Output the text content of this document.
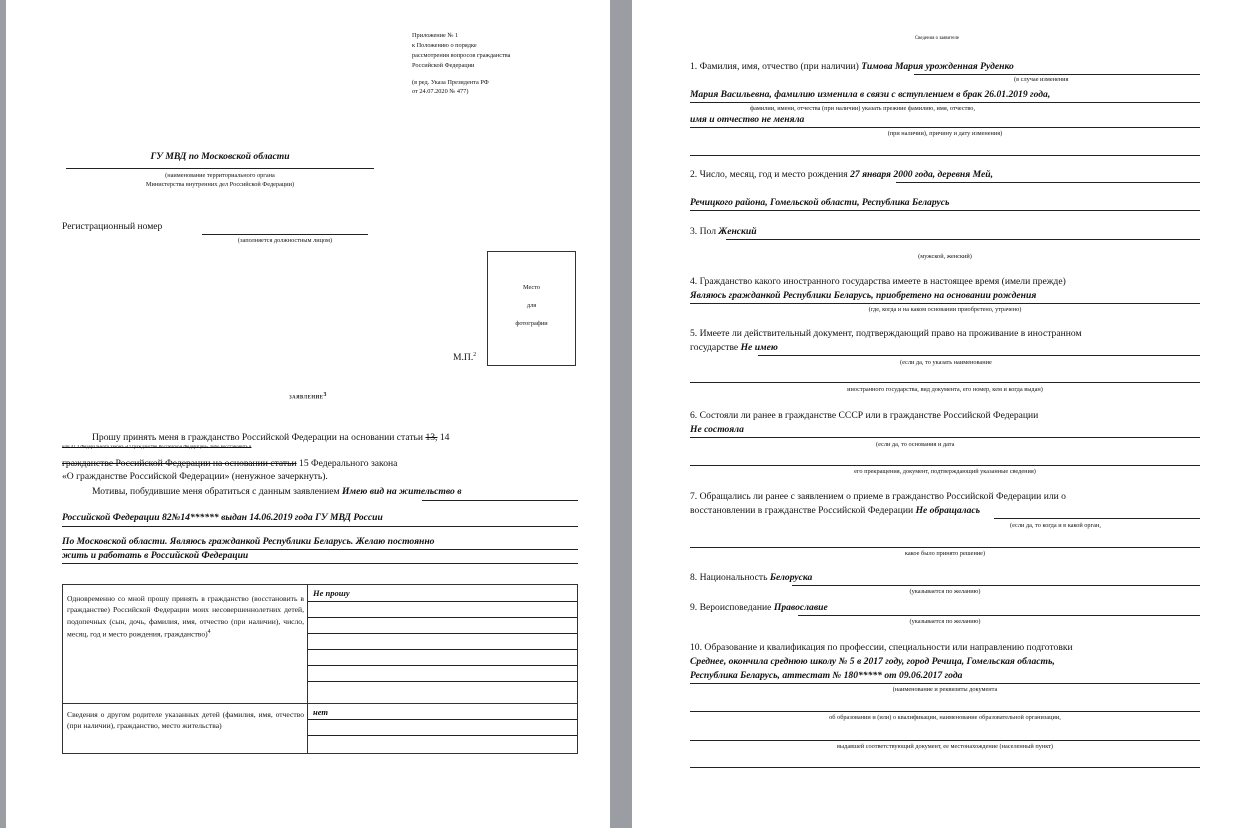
Приложение № 1
к Положению о порядке
рассмотрения вопросов гражданства
Российской Федерации
(в ред. Указа Президента РФ
от 24.07.2020 № 477)
ГУ МВД по Московской области
(наименование территориального органа
Министерства внутренних дел Российской Федерации)
Регистрационный номер
(заполняется должностным лицом)
Место
для
фотографии
М.П.$^2$
ЗАЯВЛЕНИЕ$^3$
Прошу принять меня в гражданство Российской Федерации на основании статьи 13, 14
или 41.3 Федерального закона «О гражданстве Российской Федерации» либо восстановить в
гражданстве Российской Федерации на основании статьи 15 Федерального закона
«О гражданстве Российской Федерации» (ненужное зачеркнуть).
Мотивы, побудившие меня обратиться с данным заявлением Имею вид на жительство в
Российской Федерации 82№14****** выдан 14.06.2019 года ГУ МВД России
По Московской области. Являюсь гражданкой Республики Беларусь. Желаю постоянно
жить и работать в Российской Федерации
Одновременно со мной прошу принять в гражданство (восстановить в гражданстве) Российской Федерации моих несовершеннолетних детей, подопечных (сын, дочь, фамилия, имя, отчество (при наличии), число, месяц, год и место рождения, гражданство)$^4$	Не прошу

Сведения о другом родителе указанных детей (фамилия, имя, отчество (при наличии), гражданство, место жительства)	нет
Сведения о заявителе
1. Фамилия, имя, отчество (при наличии) Тимова Мария урожденная Руденко
(в случае изменения
Мария Васильевна, фамилию изменила в связи с вступлением в брак 26.01.2019 года,
фамилии, имени, отчества (при наличии) указать прежние фамилию, имя, отчество,
имя и отчество не меняла
(при наличии), причину и дату изменения)
2. Число, месяц, год и место рождения 27 января 2000 года, деревня Мей,
Речицкого района, Гомельской области, Республика Беларусь
3. Пол Женский
(мужской, женский)
4. Гражданство какого иностранного государства имеете в настоящее время (имели прежде)
Являюсь гражданкой Республики Беларусь, приобретено на основании рождения
(где, когда и на каком основании приобретено, утрачено)
5. Имеете ли действительный документ, подтверждающий право на проживание в иностранном
государстве Не имею
(если да, то указать наименование
иностранного государства, вид документа, его номер, кем и когда выдан)
6. Состояли ли ранее в гражданстве СССР или в гражданстве Российской Федерации
Не состояла
(если да, то основания и дата
его прекращения, документ, подтверждающий указанные сведения)
7. Обращались ли ранее с заявлением о приеме в гражданство Российской Федерации или о
восстановлении в гражданстве Российской Федерации Не обращалась
(если да, то когда и в какой орган,
какое было принято решение)
8. Национальность Белоруска
(указывается по желанию)
9. Вероисповедание Православие
(указывается по желанию)
10. Образование и квалификация по профессии, специальности или направлению подготовки
Среднее, окончила среднюю школу № 5 в 2017 году, город Речица, Гомельская область,
Республика Беларусь, аттестат № 180***** от 09.06.2017 года
(наименование и реквизиты документа
об образовании и (или) о квалификации, наименование образовательной организации,
выдавшей соответствующий документ, ее местонахождение (населенный пункт)
